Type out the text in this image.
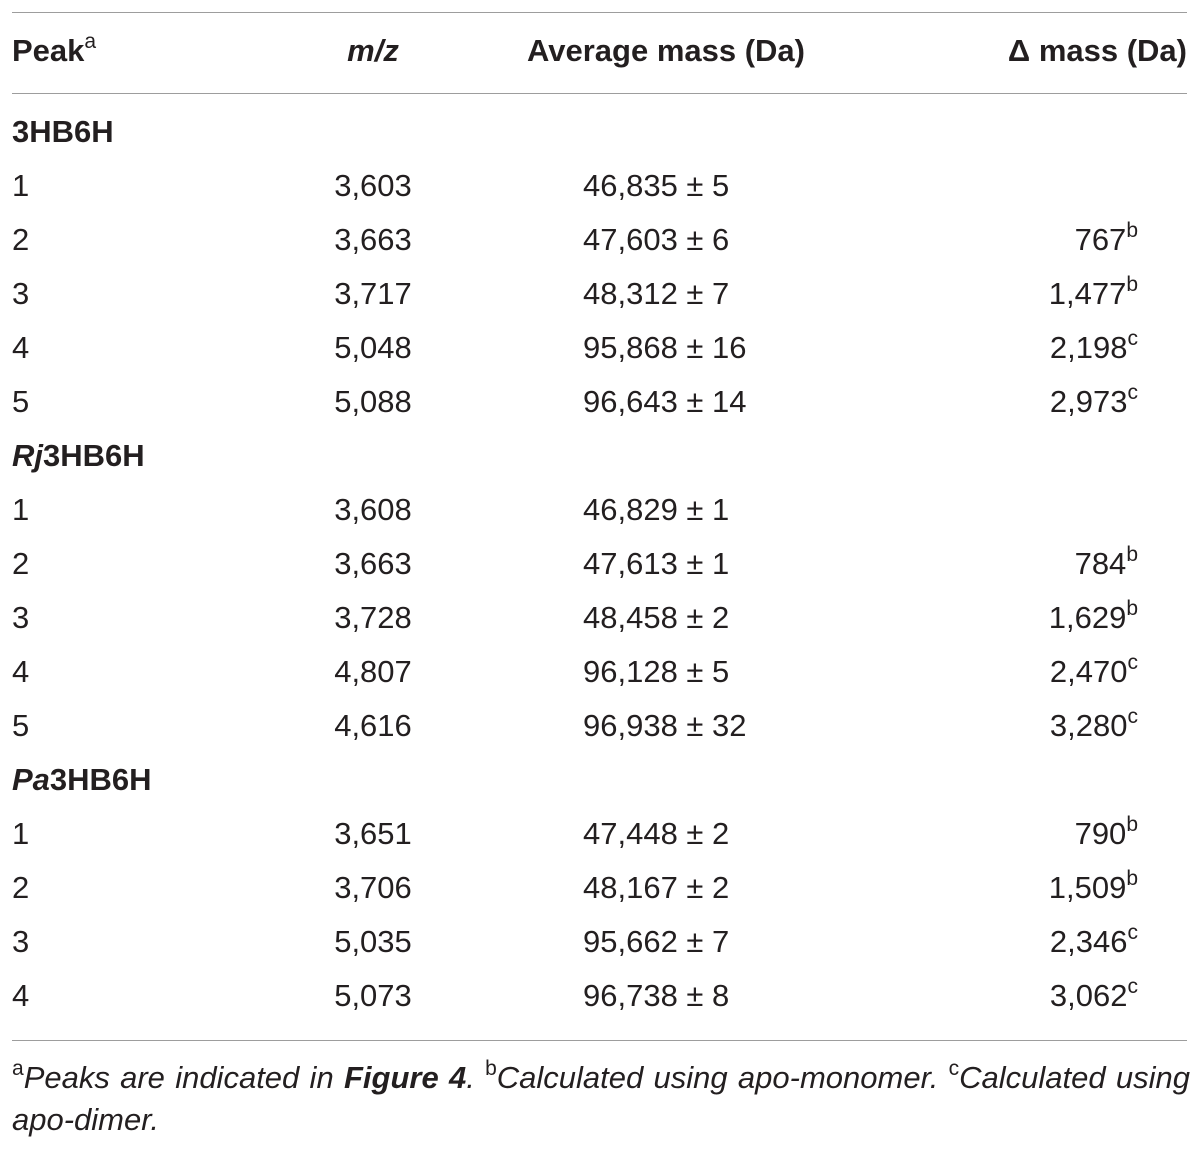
Peak$^a$	m/z	Average mass (Da)	Δ mass (Da)
3HB6H
1	3,603	46,835 ± 5
2	3,663	47,603 ± 6	767$^b$
3	3,717	48,312 ± 7	1,477$^b$
4	5,048	95,868 ± 16	2,198$^c$
5	5,088	96,643 ± 14	2,973$^c$
Rj3HB6H
1	3,608	46,829 ± 1
2	3,663	47,613 ± 1	784$^b$
3	3,728	48,458 ± 2	1,629$^b$
4	4,807	96,128 ± 5	2,470$^c$
5	4,616	96,938 ± 32	3,280$^c$
Pa3HB6H
1	3,651	47,448 ± 2	790$^b$
2	3,706	48,167 ± 2	1,509$^b$
3	5,035	95,662 ± 7	2,346$^c$
4	5,073	96,738 ± 8	3,062$^c$
$^a$Peaks are indicated in Figure 4. $^b$Calculated using apo-monomer. $^c$Calculated using apo-dimer.
